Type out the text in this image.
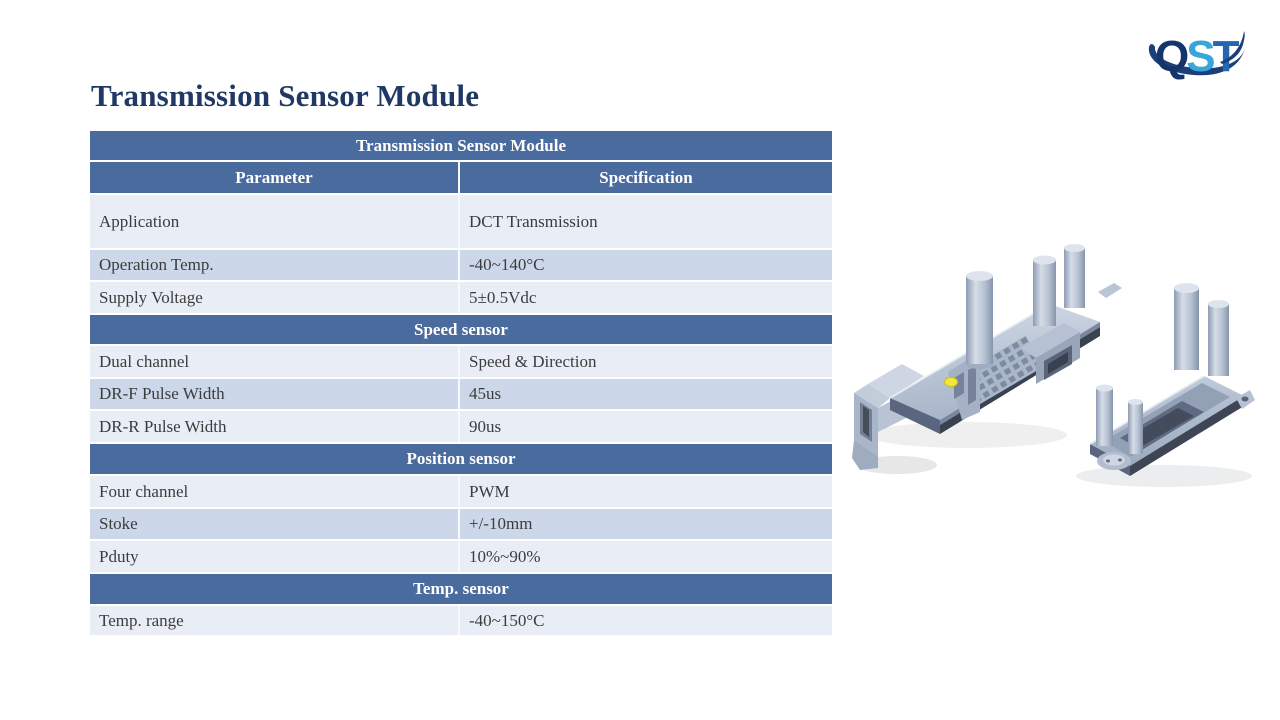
Transmission Sensor Module
QST
Transmission Sensor Module
Parameter	Specification
Application	DCT Transmission
Operation Temp.	-40~140°C
Supply Voltage	5±0.5Vdc
Speed sensor
Dual channel	Speed & Direction
DR-F Pulse Width	45us
DR-R Pulse Width	90us
Position sensor
Four channel	PWM
Stoke	+/-10mm
Pduty	10%~90%
Temp. sensor
Temp. range	-40~150°C
